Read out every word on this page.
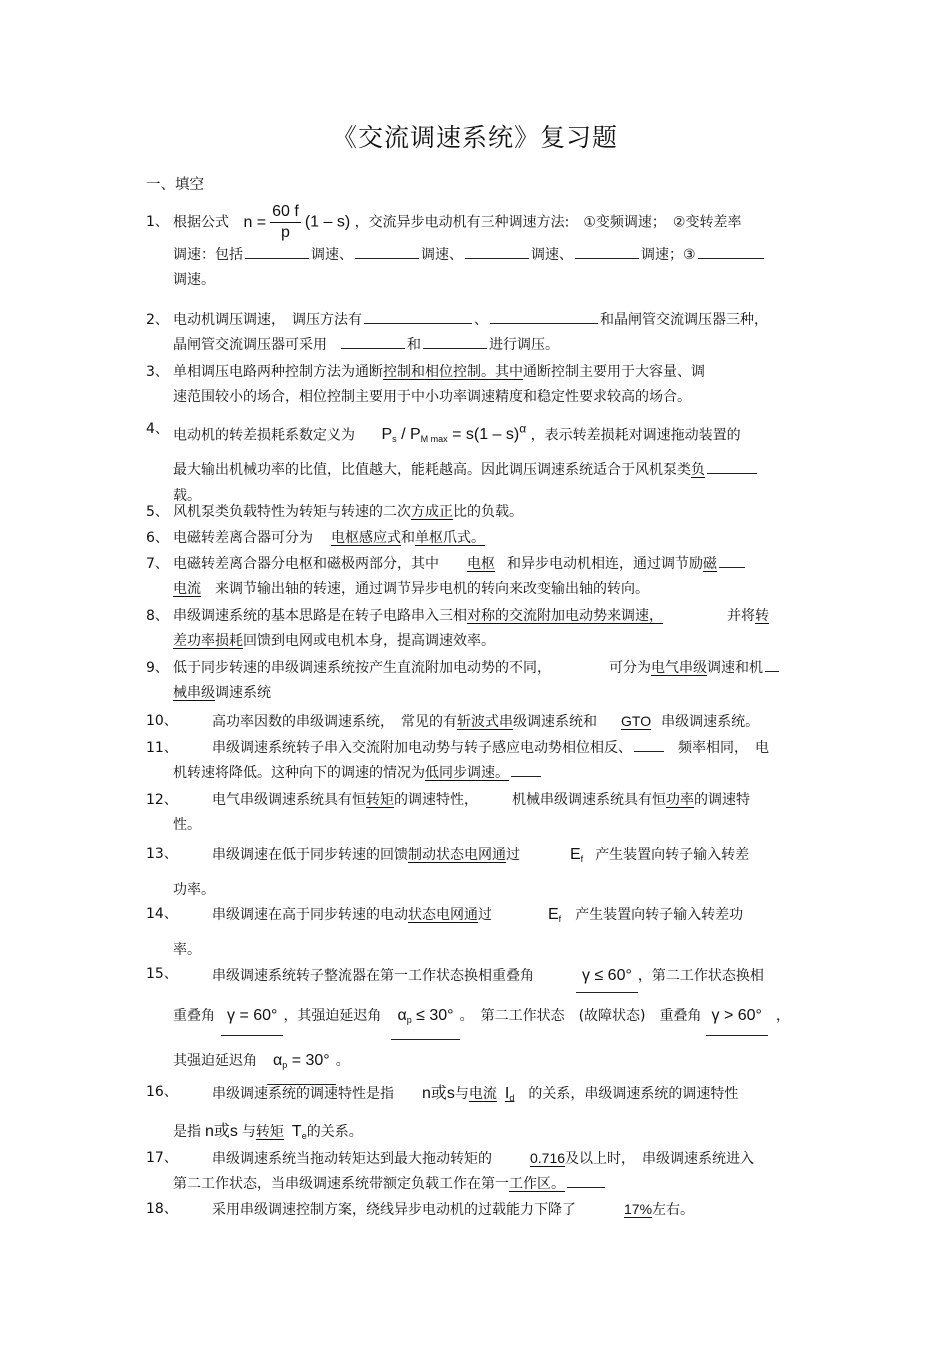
《交流调速系统》复习题
一、填空
1、 根据公式 $n = \frac{60 f}{p} (1 - s)$ ，交流异步电动机有三种调速方法:　①变频调速；　②变转差率
调速：包括	调速、	调速、	调速、	调速；③
调速。
2、 电动机调压调速，　调压方法有	、	和晶闸管交流调压器三种，
晶闸管交流调压器可采用	和	进行调压。
3、 单相调压电路两种控制方法为通断控制和相位控制。其中通断控制主要用于大容量、调
速范围较小的场合，相位控制主要用于中小功率调速精度和稳定性要求较高的场合。
4、 电动机的转差损耗系数定义为 $P_s / P_{M max} = s(1 - s)^\alpha$ ，表示转差损耗对调速拖动装置的
最大输出机械功率的比值，比值越大，能耗越高。因此调压调速系统适合于风机泵类负
载。
5、 风机泵类负载特性为转矩与转速的二次方成正比的负载。
6、 电磁转差离合器可分为 电枢感应式和单枢爪式。
7、 电磁转差离合器分电枢和磁极两部分，其中 电枢 和异步电动机相连，通过调节励磁
电流 来调节输出轴的转速，通过调节异步电机的转向来改变输出轴的转向。
8、 串级调速系统的基本思路是在转子电路串入三相对称的交流附加电动势来调速，	并将转
差功率损耗回馈到电网或电机本身，提高调速效率。
9、 低于同步转速的串级调速系统按产生直流附加电动势的不同，	可分为电气串级调速和机
械串级调速系统
10、 高功率因数的串级调速系统，　常见的有斩波式串级调速系统和 GTO 串级调速系统。
11、 串级调速系统转子串入交流附加电动势与转子感应电动势相位相反、	频率相同，　电
机转速将降低。这种向下的调速的情况为低同步调速。
12、 电气串级调速系统具有恒转矩的调速特性， 机械串级调速系统具有恒功率的调速特
性。
13、 串级调速在低于同步转速的回馈制动状态电网通过	$E_f$ 产生装置向转子输入转差
功率。
14、 串级调速在高于同步转速的电动状态电网通过	$E_f$ 产生装置向转子输入转差功
率。
15、 串级调速系统转子整流器在第一工作状态换相重叠角	γ ≤ 60° ，第二工作状态换相
重叠角 γ = 60° ，其强迫延迟角 $\alpha_p \le 30^\circ$ 。　第二工作状态　(故障状态)　重叠角 γ > 60° ，
其强迫延迟角 $\alpha_p = 30^\circ$ 。
16、 串级调速系统的调速特性是指 n或s与电流 $I_d$ 的关系，串级调速系统的调速特性
是指 n或s 与转矩 $T_e$的关系。
17、 串级调速系统当拖动转矩达到最大拖动转矩的	0.716及以上时，　串级调速系统进入
第二工作状态，当串级调速系统带额定负载工作在第一工作区。
18、 采用串级调速控制方案，绕线异步电动机的过载能力下降了	17%左右。
